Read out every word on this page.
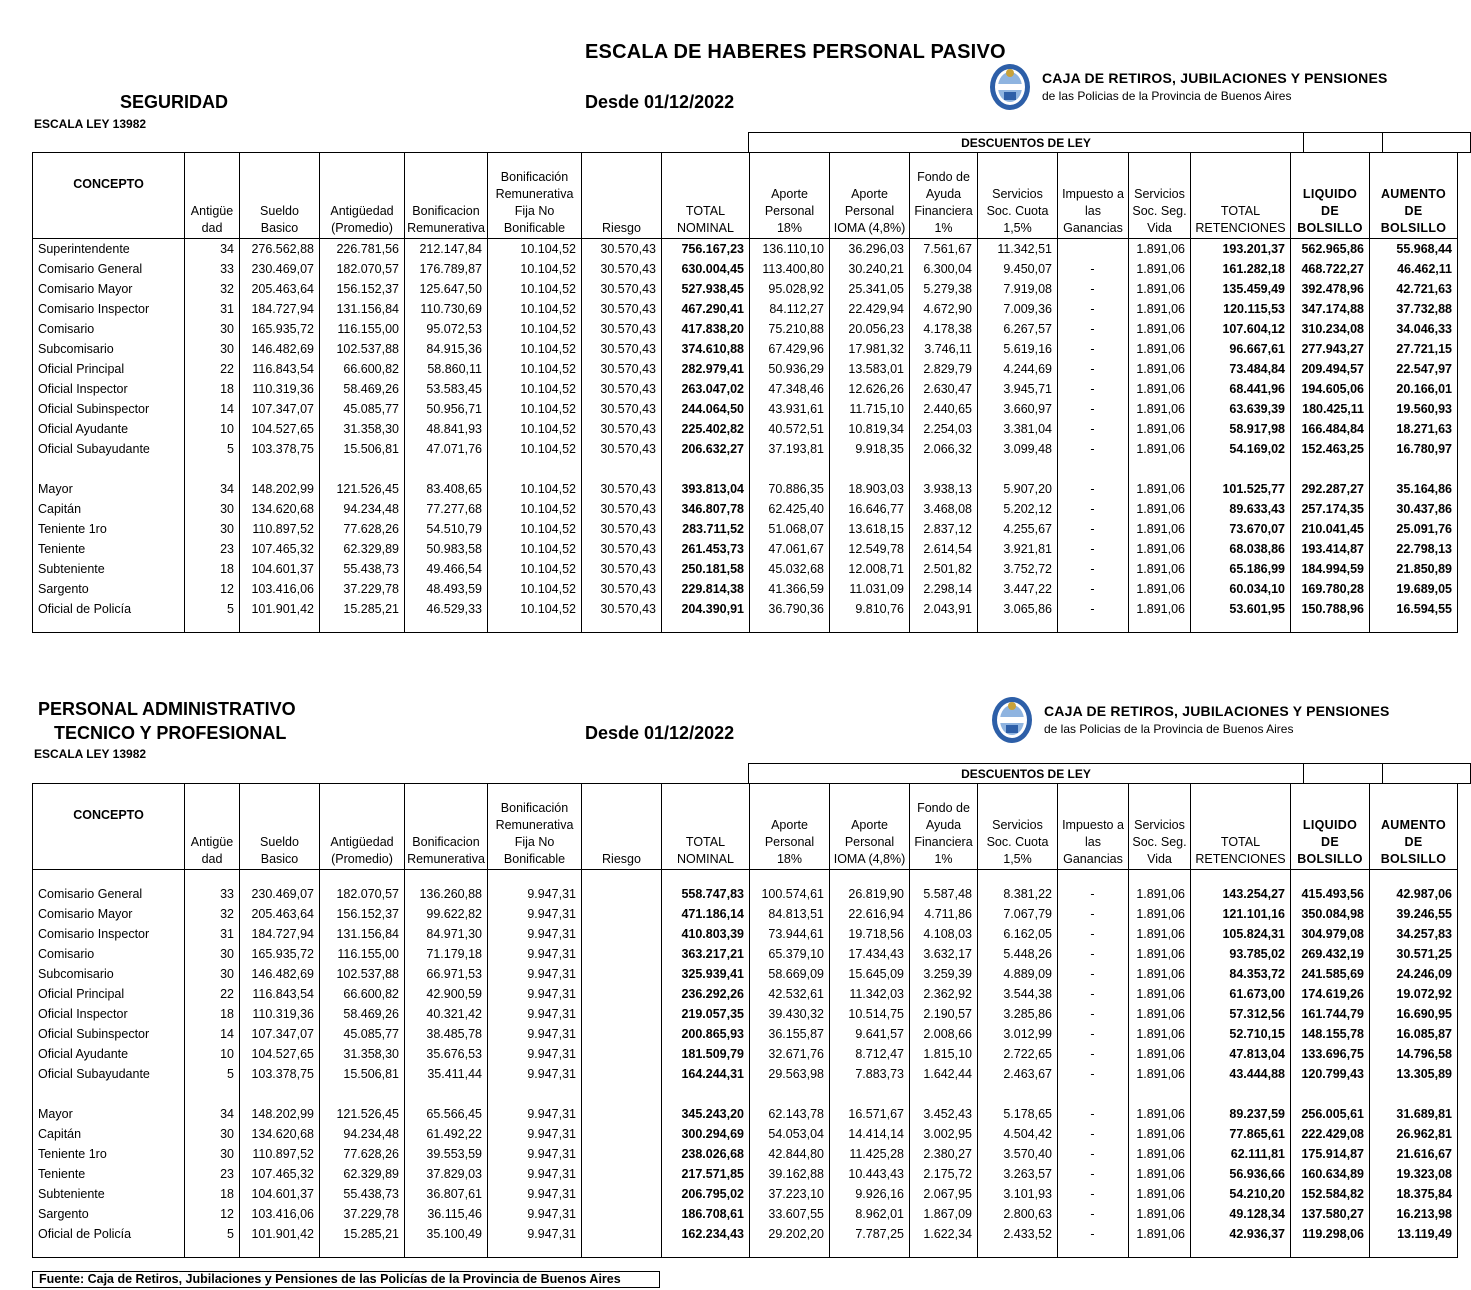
ESCALA DE HABERES PERSONAL PASIVO
SEGURIDAD	Desde 01/12/2022
ESCALA LEY 13982
CAJA DE RETIROS, JUBILACIONES Y PENSIONES
de las Policias de la Provincia de Buenos Aires
DESCUENTOS DE LEY
CONCEPTO	Antigüe dad	Sueldo Basico	Antigüedad (Promedio)	Bonificacion Remunerativa	Bonificación Remunerativa Fija No Bonificable	Riesgo	TOTAL NOMINAL	Aporte Personal 18%	Aporte Personal IOMA (4,8%)	Fondo de Ayuda Financiera 1%	Servicios Soc. Cuota 1,5%	Impuesto a las Ganancias	Servicios Soc. Seg. Vida	TOTAL RETENCIONES	LIQUIDO DE BOLSILLO	AUMENTO DE BOLSILLO
Superintendente	34	276.562,88	226.781,56	212.147,84	10.104,52	30.570,43	756.167,23	136.110,10	36.296,03	7.561,67	11.342,51		1.891,06	193.201,37	562.965,86	55.968,44
Comisario General	33	230.469,07	182.070,57	176.789,87	10.104,52	30.570,43	630.004,45	113.400,80	30.240,21	6.300,04	9.450,07	-	1.891,06	161.282,18	468.722,27	46.462,11
Comisario Mayor	32	205.463,64	156.152,37	125.647,50	10.104,52	30.570,43	527.938,45	95.028,92	25.341,05	5.279,38	7.919,08	-	1.891,06	135.459,49	392.478,96	42.721,63
Comisario Inspector	31	184.727,94	131.156,84	110.730,69	10.104,52	30.570,43	467.290,41	84.112,27	22.429,94	4.672,90	7.009,36	-	1.891,06	120.115,53	347.174,88	37.732,88
Comisario	30	165.935,72	116.155,00	95.072,53	10.104,52	30.570,43	417.838,20	75.210,88	20.056,23	4.178,38	6.267,57	-	1.891,06	107.604,12	310.234,08	34.046,33
Subcomisario	30	146.482,69	102.537,88	84.915,36	10.104,52	30.570,43	374.610,88	67.429,96	17.981,32	3.746,11	5.619,16	-	1.891,06	96.667,61	277.943,27	27.721,15
Oficial Principal	22	116.843,54	66.600,82	58.860,11	10.104,52	30.570,43	282.979,41	50.936,29	13.583,01	2.829,79	4.244,69	-	1.891,06	73.484,84	209.494,57	22.547,97
Oficial Inspector	18	110.319,36	58.469,26	53.583,45	10.104,52	30.570,43	263.047,02	47.348,46	12.626,26	2.630,47	3.945,71	-	1.891,06	68.441,96	194.605,06	20.166,01
Oficial Subinspector	14	107.347,07	45.085,77	50.956,71	10.104,52	30.570,43	244.064,50	43.931,61	11.715,10	2.440,65	3.660,97	-	1.891,06	63.639,39	180.425,11	19.560,93
Oficial Ayudante	10	104.527,65	31.358,30	48.841,93	10.104,52	30.570,43	225.402,82	40.572,51	10.819,34	2.254,03	3.381,04	-	1.891,06	58.917,98	166.484,84	18.271,63
Oficial Subayudante	5	103.378,75	15.506,81	47.071,76	10.104,52	30.570,43	206.632,27	37.193,81	9.918,35	2.066,32	3.099,48	-	1.891,06	54.169,02	152.463,25	16.780,97

Mayor	34	148.202,99	121.526,45	83.408,65	10.104,52	30.570,43	393.813,04	70.886,35	18.903,03	3.938,13	5.907,20	-	1.891,06	101.525,77	292.287,27	35.164,86
Capitán	30	134.620,68	94.234,48	77.277,68	10.104,52	30.570,43	346.807,78	62.425,40	16.646,77	3.468,08	5.202,12	-	1.891,06	89.633,43	257.174,35	30.437,86
Teniente 1ro	30	110.897,52	77.628,26	54.510,79	10.104,52	30.570,43	283.711,52	51.068,07	13.618,15	2.837,12	4.255,67	-	1.891,06	73.670,07	210.041,45	25.091,76
Teniente	23	107.465,32	62.329,89	50.983,58	10.104,52	30.570,43	261.453,73	47.061,67	12.549,78	2.614,54	3.921,81	-	1.891,06	68.038,86	193.414,87	22.798,13
Subteniente	18	104.601,37	55.438,73	49.466,54	10.104,52	30.570,43	250.181,58	45.032,68	12.008,71	2.501,82	3.752,72	-	1.891,06	65.186,99	184.994,59	21.850,89
Sargento	12	103.416,06	37.229,78	48.493,59	10.104,52	30.570,43	229.814,38	41.366,59	11.031,09	2.298,14	3.447,22	-	1.891,06	60.034,10	169.780,28	19.689,05
Oficial de Policía	5	101.901,42	15.285,21	46.529,33	10.104,52	30.570,43	204.390,91	36.790,36	9.810,76	2.043,91	3.065,86	-	1.891,06	53.601,95	150.788,96	16.594,55

PERSONAL ADMINISTRATIVO
TECNICO Y PROFESIONAL	Desde 01/12/2022
ESCALA LEY 13982
CAJA DE RETIROS, JUBILACIONES Y PENSIONES
de las Policias de la Provincia de Buenos Aires
DESCUENTOS DE LEY
CONCEPTO	Antigüe dad	Sueldo Basico	Antigüedad (Promedio)	Bonificacion Remunerativa	Bonificación Remunerativa Fija No Bonificable	Riesgo	TOTAL NOMINAL	Aporte Personal 18%	Aporte Personal IOMA (4,8%)	Fondo de Ayuda Financiera 1%	Servicios Soc. Cuota 1,5%	Impuesto a las Ganancias	Servicios Soc. Seg. Vida	TOTAL RETENCIONES	LIQUIDO DE BOLSILLO	AUMENTO DE BOLSILLO

Comisario General	33	230.469,07	182.070,57	136.260,88	9.947,31		558.747,83	100.574,61	26.819,90	5.587,48	8.381,22	-	1.891,06	143.254,27	415.493,56	42.987,06
Comisario Mayor	32	205.463,64	156.152,37	99.622,82	9.947,31		471.186,14	84.813,51	22.616,94	4.711,86	7.067,79	-	1.891,06	121.101,16	350.084,98	39.246,55
Comisario Inspector	31	184.727,94	131.156,84	84.971,30	9.947,31		410.803,39	73.944,61	19.718,56	4.108,03	6.162,05	-	1.891,06	105.824,31	304.979,08	34.257,83
Comisario	30	165.935,72	116.155,00	71.179,18	9.947,31		363.217,21	65.379,10	17.434,43	3.632,17	5.448,26	-	1.891,06	93.785,02	269.432,19	30.571,25
Subcomisario	30	146.482,69	102.537,88	66.971,53	9.947,31		325.939,41	58.669,09	15.645,09	3.259,39	4.889,09	-	1.891,06	84.353,72	241.585,69	24.246,09
Oficial Principal	22	116.843,54	66.600,82	42.900,59	9.947,31		236.292,26	42.532,61	11.342,03	2.362,92	3.544,38	-	1.891,06	61.673,00	174.619,26	19.072,92
Oficial Inspector	18	110.319,36	58.469,26	40.321,42	9.947,31		219.057,35	39.430,32	10.514,75	2.190,57	3.285,86	-	1.891,06	57.312,56	161.744,79	16.690,95
Oficial Subinspector	14	107.347,07	45.085,77	38.485,78	9.947,31		200.865,93	36.155,87	9.641,57	2.008,66	3.012,99	-	1.891,06	52.710,15	148.155,78	16.085,87
Oficial Ayudante	10	104.527,65	31.358,30	35.676,53	9.947,31		181.509,79	32.671,76	8.712,47	1.815,10	2.722,65	-	1.891,06	47.813,04	133.696,75	14.796,58
Oficial Subayudante	5	103.378,75	15.506,81	35.411,44	9.947,31		164.244,31	29.563,98	7.883,73	1.642,44	2.463,67	-	1.891,06	43.444,88	120.799,43	13.305,89

Mayor	34	148.202,99	121.526,45	65.566,45	9.947,31		345.243,20	62.143,78	16.571,67	3.452,43	5.178,65	-	1.891,06	89.237,59	256.005,61	31.689,81
Capitán	30	134.620,68	94.234,48	61.492,22	9.947,31		300.294,69	54.053,04	14.414,14	3.002,95	4.504,42	-	1.891,06	77.865,61	222.429,08	26.962,81
Teniente 1ro	30	110.897,52	77.628,26	39.553,59	9.947,31		238.026,68	42.844,80	11.425,28	2.380,27	3.570,40	-	1.891,06	62.111,81	175.914,87	21.616,67
Teniente	23	107.465,32	62.329,89	37.829,03	9.947,31		217.571,85	39.162,88	10.443,43	2.175,72	3.263,57	-	1.891,06	56.936,66	160.634,89	19.323,08
Subteniente	18	104.601,37	55.438,73	36.807,61	9.947,31		206.795,02	37.223,10	9.926,16	2.067,95	3.101,93	-	1.891,06	54.210,20	152.584,82	18.375,84
Sargento	12	103.416,06	37.229,78	36.115,46	9.947,31		186.708,61	33.607,55	8.962,01	1.867,09	2.800,63	-	1.891,06	49.128,34	137.580,27	16.213,98
Oficial de Policía	5	101.901,42	15.285,21	35.100,49	9.947,31		162.234,43	29.202,20	7.787,25	1.622,34	2.433,52	-	1.891,06	42.936,37	119.298,06	13.119,49

Fuente: Caja de Retiros, Jubilaciones y Pensiones de las Policías de la Provincia de Buenos Aires
